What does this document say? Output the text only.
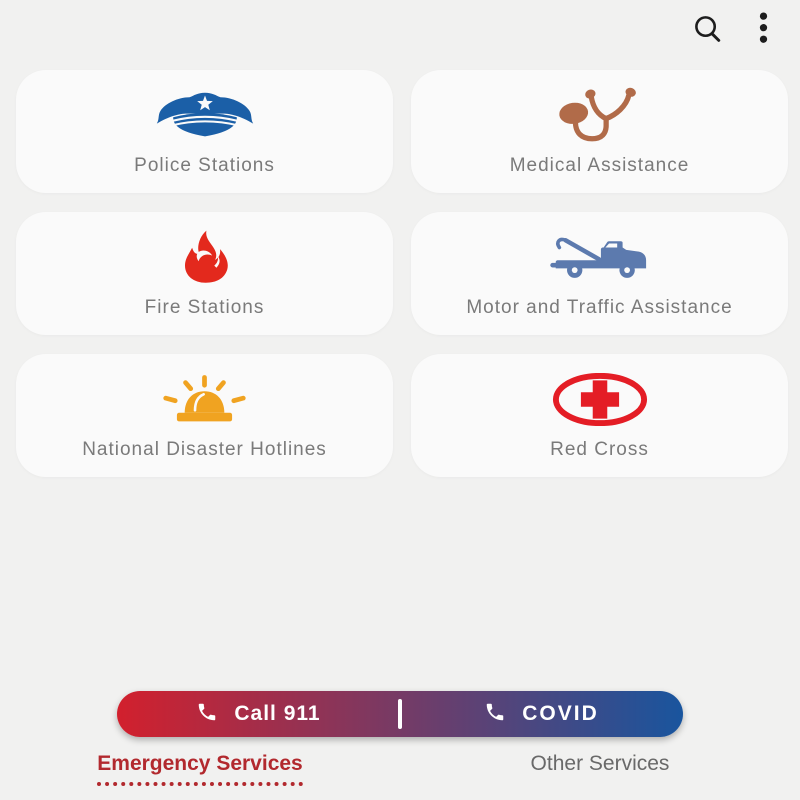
Police Stations	Medical Assistance
Fire Stations	Motor and Traffic Assistance
National Disaster Hotlines	Red Cross
Call 911	COVID
Emergency Services	Other Services
